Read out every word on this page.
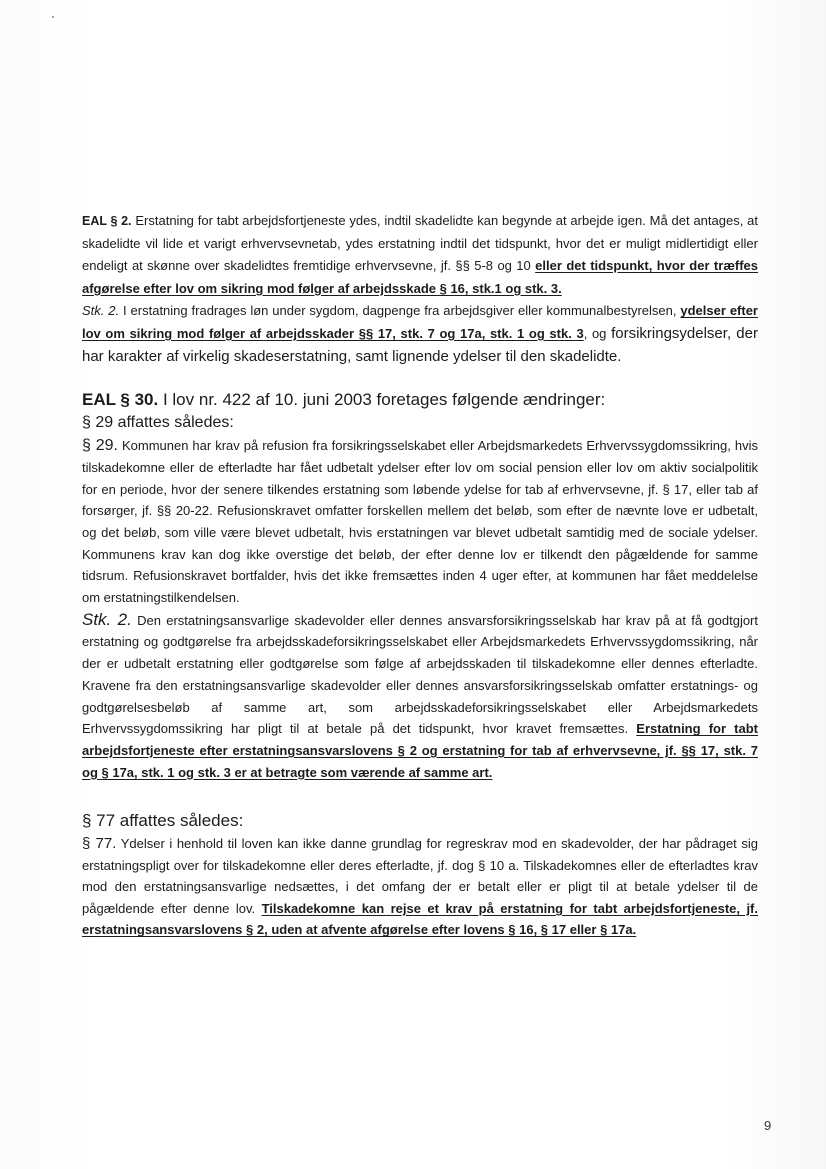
EAL § 2. Erstatning for tabt arbejdsfortjeneste ydes, indtil skadelidte kan begynde at arbejde igen. Må det antages, at skadelidte vil lide et varigt erhvervsevnetab, ydes erstatning indtil det tidspunkt, hvor det er muligt midlertidigt eller endeligt at skønne over skadelidtes fremtidige erhvervsevne, jf. §§ 5-8 og 10 eller det tidspunkt, hvor der træffes afgørelse efter lov om sikring mod følger af arbejdsskade § 16, stk.1 og stk. 3.

Stk. 2. I erstatning fradrages løn under sygdom, dagpenge fra arbejdsgiver eller kommunalbestyrelsen, ydelser efter lov om sikring mod følger af arbejdsskader §§ 17, stk. 7 og 17a, stk. 1 og stk. 3, og forsikringsydelser, der har karakter af virkelig skadeserstatning, samt lignende ydelser til den skadelidte.

EAL § 30. I lov nr. 422 af 10. juni 2003 foretages følgende ændringer:
§ 29 affattes således:

§ 29. Kommunen har krav på refusion fra forsikringsselskabet eller Arbejdsmarkedets Erhvervssygdomssikring, hvis tilskadekomne eller de efterladte har fået udbetalt ydelser efter lov om social pension eller lov om aktiv socialpolitik for en periode, hvor der senere tilkendes erstatning som løbende ydelse for tab af erhvervsevne, jf. § 17, eller tab af forsørger, jf. §§ 20-22. Refusionskravet omfatter forskellen mellem det beløb, som efter de nævnte love er udbetalt, og det beløb, som ville være blevet udbetalt, hvis erstatningen var blevet udbetalt samtidig med de sociale ydelser. Kommunens krav kan dog ikke overstige det beløb, der efter denne lov er tilkendt den pågældende for samme tidsrum. Refusionskravet bortfalder, hvis det ikke fremsættes inden 4 uger efter, at kommunen har fået meddelelse om erstatningstilkendelsen.

Stk. 2. Den erstatningsansvarlige skadevolder eller dennes ansvarsforsikringsselskab har krav på at få godtgjort erstatning og godtgørelse fra arbejdsskadeforsikringsselskabet eller Arbejdsmarkedets Erhvervssygdomssikring, når der er udbetalt erstatning eller godtgørelse som følge af arbejdsskaden til tilskadekomne eller dennes efterladte. Kravene fra den erstatningsansvarlige skadevolder eller dennes ansvarsforsikringsselskab omfatter erstatnings- og godtgørelsesbeløb af samme art, som arbejdsskadeforsikringsselskabet eller Arbejdsmarkedets Erhvervssygdomssikring har pligt til at betale på det tidspunkt, hvor kravet fremsættes. Erstatning for tabt arbejdsfortjeneste efter erstatningsansvarslovens § 2 og erstatning for tab af erhvervsevne, jf. §§ 17, stk. 7 og § 17a, stk. 1 og stk. 3 er at betragte som værende af samme art.

§ 77 affattes således:

§ 77. Ydelser i henhold til loven kan ikke danne grundlag for regreskrav mod en skadevolder, der har pådraget sig erstatningspligt over for tilskadekomne eller deres efterladte, jf. dog § 10 a. Tilskadekomnes eller de efterladtes krav mod den erstatningsansvarlige nedsættes, i det omfang der er betalt eller er pligt til at betale ydelser til de pågældende efter denne lov. Tilskadekomne kan rejse et krav på erstatning for tabt arbejdsfortjeneste, jf. erstatningsansvarslovens § 2, uden at afvente afgørelse efter lovens § 16, § 17 eller § 17a.

9
